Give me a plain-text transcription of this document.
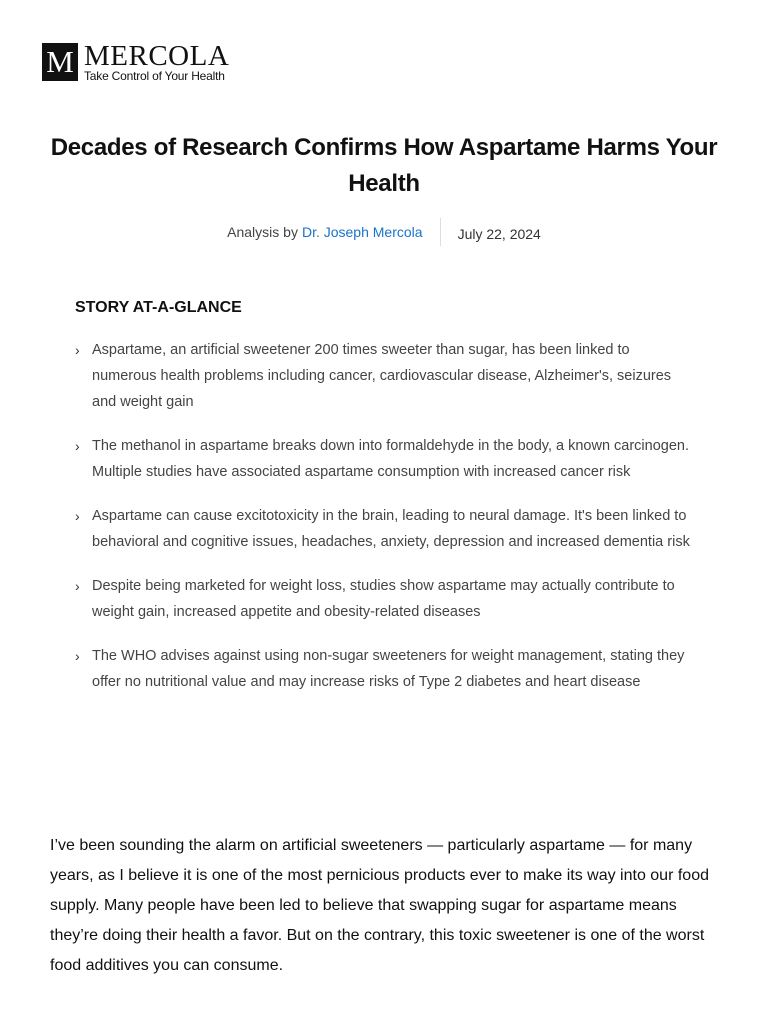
M MERCOLA
Take Control of Your Health
Decades of Research Confirms How Aspartame Harms Your Health
Analysis by Dr. Joseph Mercola	July 22, 2024
STORY AT-A-GLANCE
› Aspartame, an artificial sweetener 200 times sweeter than sugar, has been linked to numerous health problems including cancer, cardiovascular disease, Alzheimer's, seizures and weight gain
› The methanol in aspartame breaks down into formaldehyde in the body, a known carcinogen. Multiple studies have associated aspartame consumption with increased cancer risk
› Aspartame can cause excitotoxicity in the brain, leading to neural damage. It's been linked to behavioral and cognitive issues, headaches, anxiety, depression and increased dementia risk
› Despite being marketed for weight loss, studies show aspartame may actually contribute to weight gain, increased appetite and obesity-related diseases
› The WHO advises against using non-sugar sweeteners for weight management, stating they offer no nutritional value and may increase risks of Type 2 diabetes and heart disease

I’ve been sounding the alarm on artificial sweeteners — particularly aspartame — for many years, as I believe it is one of the most pernicious products ever to make its way into our food supply. Many people have been led to believe that swapping sugar for aspartame means they’re doing their health a favor. But on the contrary, this toxic sweetener is one of the worst food additives you can consume.
